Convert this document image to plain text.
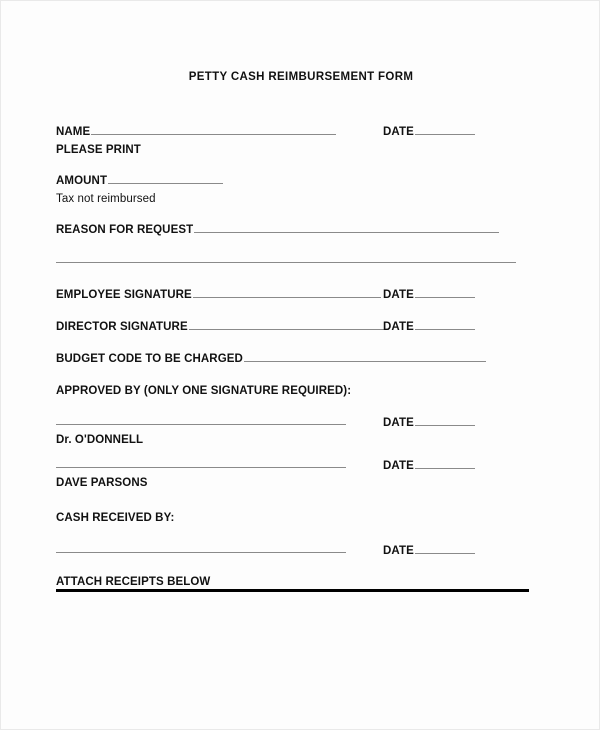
PETTY CASH REIMBURSEMENT FORM
NAME	DATE
PLEASE PRINT
AMOUNT
Tax not reimbursed
REASON FOR REQUEST
EMPLOYEE SIGNATURE	DATE
DIRECTOR SIGNATURE	DATE
BUDGET CODE TO BE CHARGED
APPROVED BY (ONLY ONE SIGNATURE REQUIRED):
DATE
Dr. O'DONNELL
DATE
DAVE PARSONS
CASH RECEIVED BY:
DATE
ATTACH RECEIPTS BELOW
